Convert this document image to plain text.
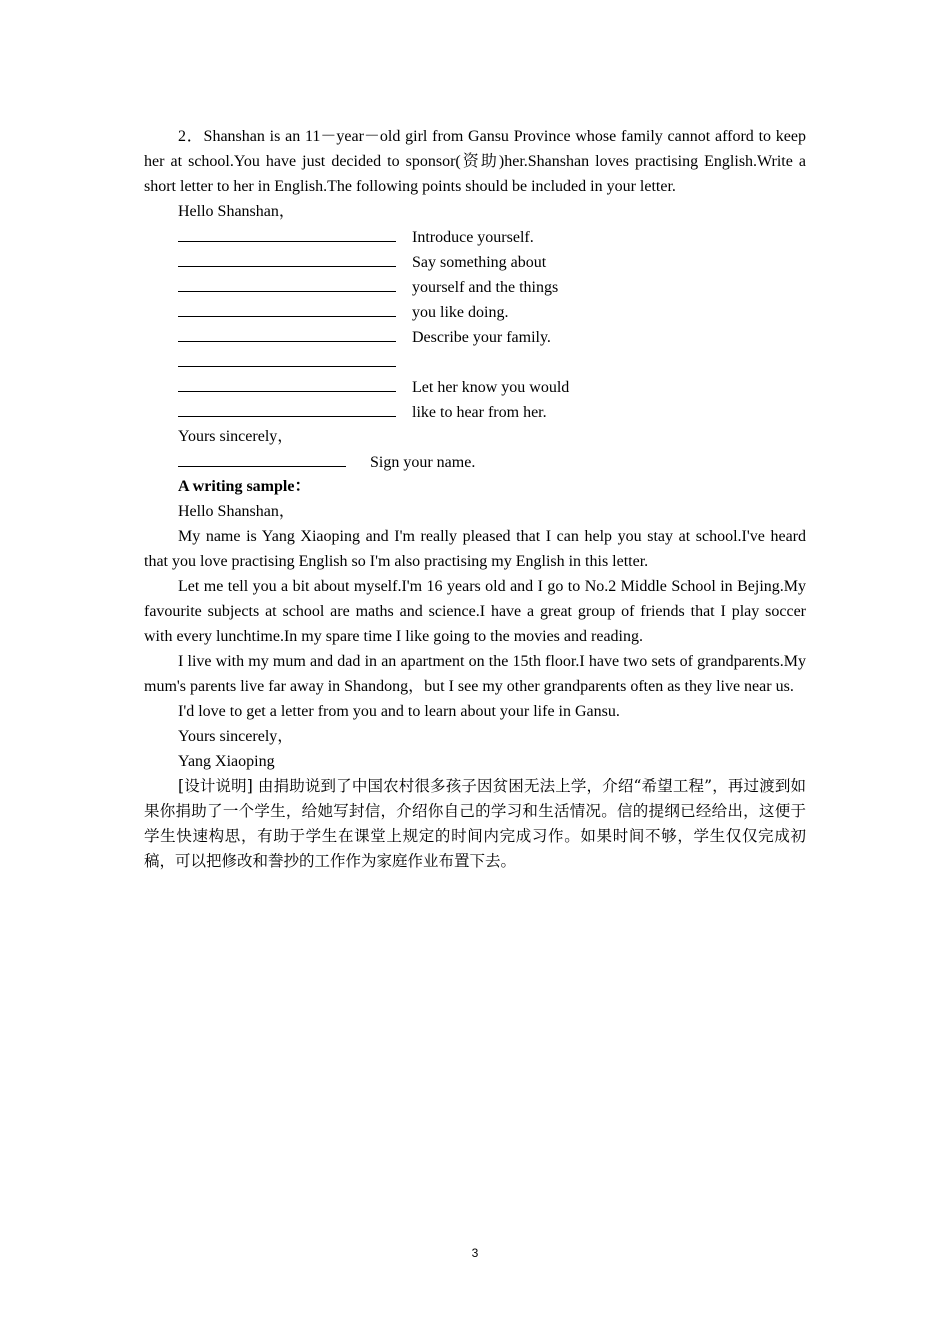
2．Shanshan is an 11－year－old girl from Gansu Province whose family cannot afford to keep her at school.You have just decided to sponsor(资助)her.Shanshan loves practising English.Write a short letter to her in English.The following points should be included in your letter.

Hello Shanshan，

Introduce yourself.
Say something about
yourself and the things
you like doing.
Describe your family.
Let her know you would
like to hear from her.

Yours sincerely，

Sign your name.

A writing sample：

Hello Shanshan，

My name is Yang Xiaoping and I'm really pleased that I can help you stay at school.I've heard that you love practising English so I'm also practising my English in this letter.

Let me tell you a bit about myself.I'm 16 years old and I go to No.2 Middle School in Bejing.My favourite subjects at school are maths and science.I have a great group of friends that I play soccer with every lunchtime.In my spare time I like going to the movies and reading.

I live with my mum and dad in an apartment on the 15th floor.I have two sets of grandparents.My mum's parents live far away in Shandong，but I see my other grandparents often as they live near us.

I'd love to get a letter from you and to learn about your life in Gansu.

Yours sincerely，

Yang Xiaoping

[设计说明] 由捐助说到了中国农村很多孩子因贫困无法上学，介绍“希望工程”，再过渡到如果你捐助了一个学生，给她写封信，介绍你自己的学习和生活情况。信的提纲已经给出，这便于学生快速构思，有助于学生在课堂上规定的时间内完成习作。如果时间不够，学生仅仅完成初稿，可以把修改和誊抄的工作作为家庭作业布置下去。

3
